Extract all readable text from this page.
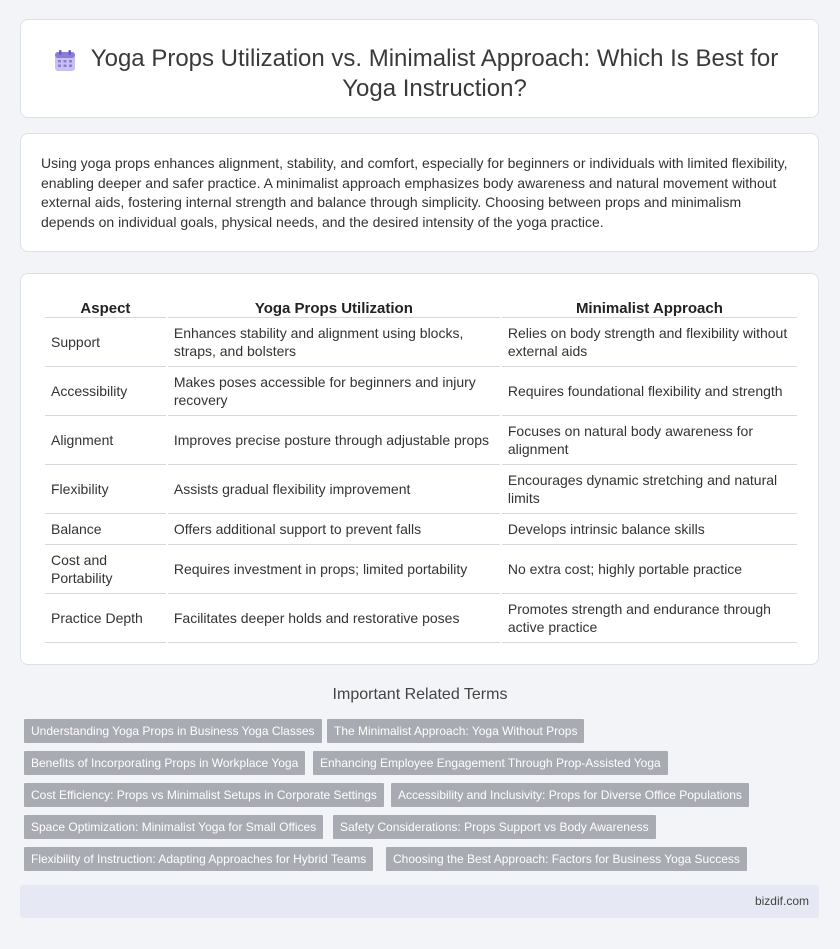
Yoga Props Utilization vs. Minimalist Approach: Which Is Best for Yoga Instruction?

Using yoga props enhances alignment, stability, and comfort, especially for beginners or individuals with limited flexibility, enabling deeper and safer practice. A minimalist approach emphasizes body awareness and natural movement without external aids, fostering internal strength and balance through simplicity. Choosing between props and minimalism depends on individual goals, physical needs, and the desired intensity of the yoga practice.

Aspect	Yoga Props Utilization	Minimalist Approach
Support	Enhances stability and alignment using blocks, straps, and bolsters	Relies on body strength and flexibility without external aids
Accessibility	Makes poses accessible for beginners and injury recovery	Requires foundational flexibility and strength
Alignment	Improves precise posture through adjustable props	Focuses on natural body awareness for alignment
Flexibility	Assists gradual flexibility improvement	Encourages dynamic stretching and natural limits
Balance	Offers additional support to prevent falls	Develops intrinsic balance skills
Cost and Portability	Requires investment in props; limited portability	No extra cost; highly portable practice
Practice Depth	Facilitates deeper holds and restorative poses	Promotes strength and endurance through active practice
Important Related Terms
Understanding Yoga Props in Business Yoga Classes	The Minimalist Approach: Yoga Without Props
Benefits of Incorporating Props in Workplace Yoga	Enhancing Employee Engagement Through Prop-Assisted Yoga
Cost Efficiency: Props vs Minimalist Setups in Corporate Settings	Accessibility and Inclusivity: Props for Diverse Office Populations
Space Optimization: Minimalist Yoga for Small Offices	Safety Considerations: Props Support vs Body Awareness
Flexibility of Instruction: Adapting Approaches for Hybrid Teams	Choosing the Best Approach: Factors for Business Yoga Success
bizdif.com
